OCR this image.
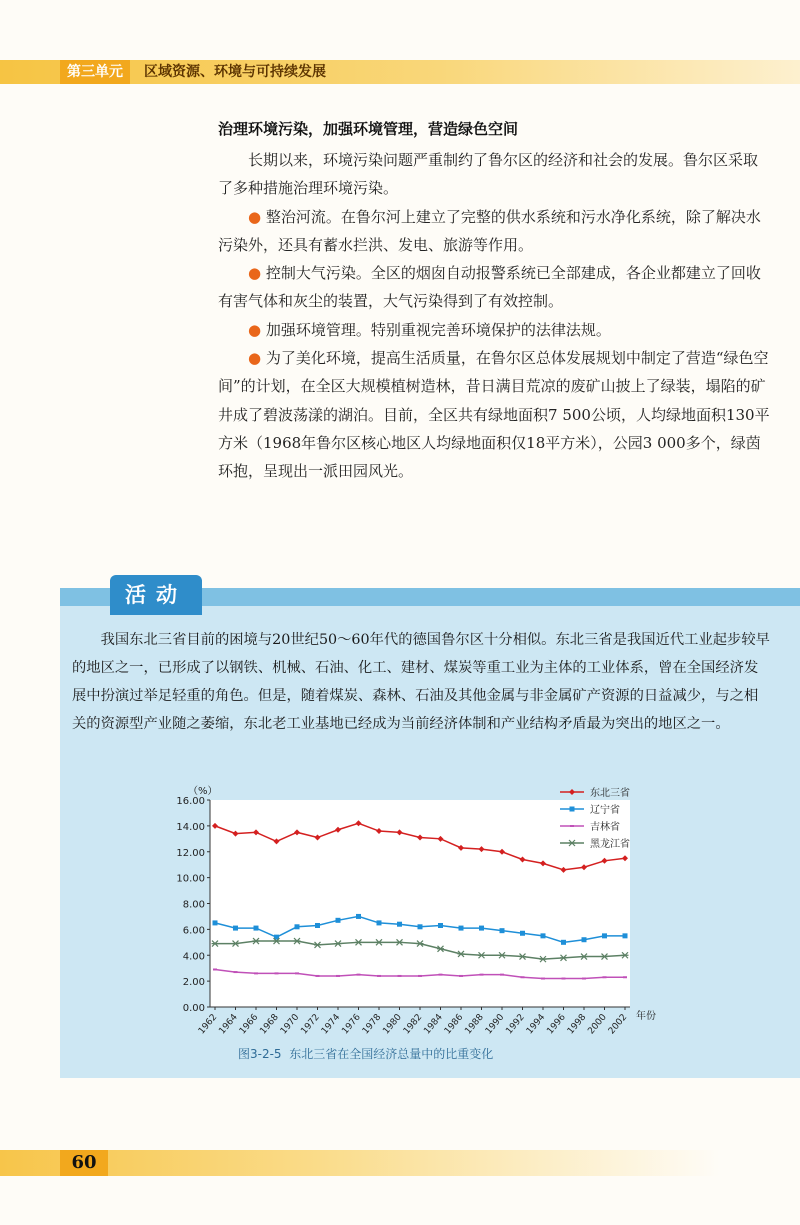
第三单元	区域资源、环境与可持续发展
治理环境污染，加强环境管理，营造绿色空间

长期以来，环境污染问题严重制约了鲁尔区的经济和社会的发展。鲁尔区采取了多种措施治理环境污染。

● 整治河流。在鲁尔河上建立了完整的供水系统和污水净化系统，除了解决水污染外，还具有蓄水拦洪、发电、旅游等作用。

● 控制大气污染。全区的烟囱自动报警系统已全部建成，各企业都建立了回收有害气体和灰尘的装置，大气污染得到了有效控制。

● 加强环境管理。特别重视完善环境保护的法律法规。

● 为了美化环境，提高生活质量，在鲁尔区总体发展规划中制定了营造“绿色空间”的计划，在全区大规模植树造林，昔日满目荒凉的废矿山披上了绿装，塌陷的矿井成了碧波荡漾的湖泊。目前，全区共有绿地面积7 500公顷，人均绿地面积130平方米（1968年鲁尔区核心地区人均绿地面积仅18平方米），公园3 000多个，绿茵环抱，呈现出一派田园风光。

活动

我国东北三省目前的困境与20世纪50～60年代的德国鲁尔区十分相似。东北三省是我国近代工业起步较早的地区之一，已形成了以钢铁、机械、石油、化工、建材、煤炭等重工业为主体的工业体系，曾在全国经济发展中扮演过举足轻重的角色。但是，随着煤炭、森林、石油及其他金属与非金属矿产资源的日益减少，与之相关的资源型产业随之萎缩，东北老工业基地已经成为当前经济体制和产业结构矛盾最为突出的地区之一。

0.00
2.00
4.00
6.00
8.00
10.00
12.00
14.00
16.00
（%）
1962
1964
1966
1968
1970
1972
1974
1976
1978
1980
1982
1984
1986
1988
1990
1992
1994
1996
1998
2000
2002 年份
东北三省
辽宁省
吉林省
黑龙江省
图3-2-5 东北三省在全国经济总量中的比重变化
60
